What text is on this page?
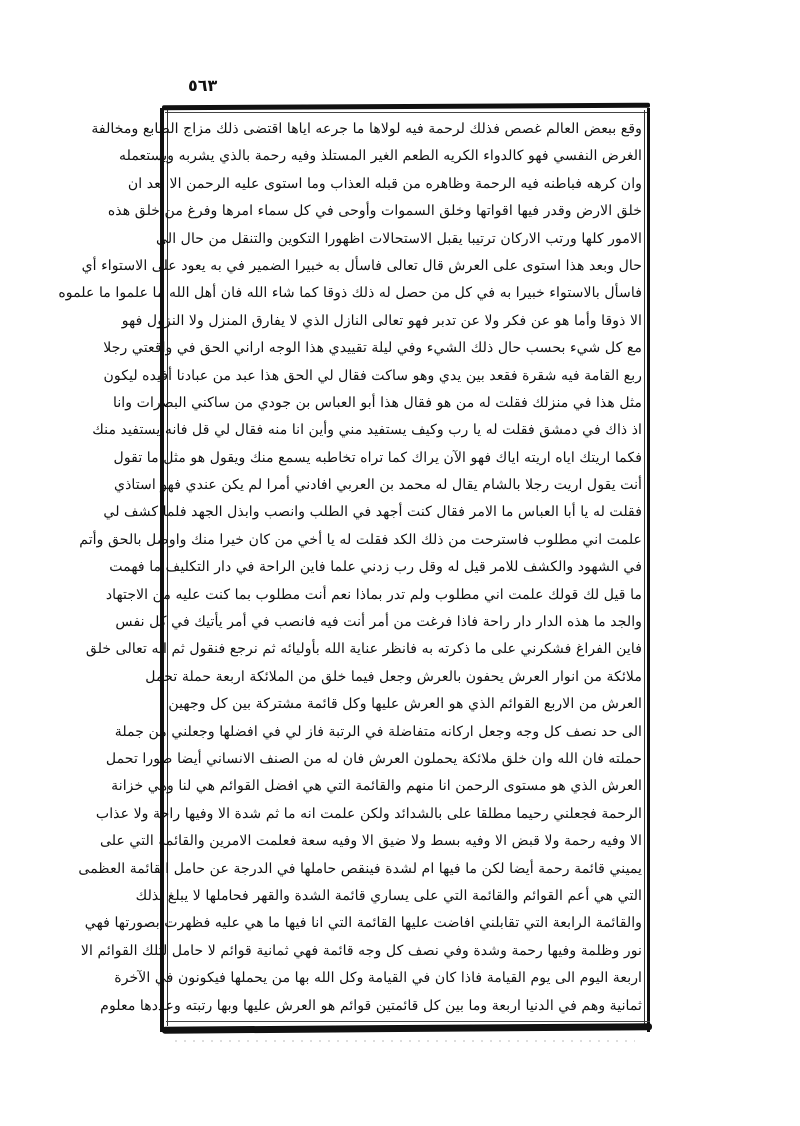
٥٦٣
وقع ببعض العالم غصص فذلك لرحمة فيه لولاها ما جرعه اياها اقتضى ذلك مزاج الطابع ومخالفة
الغرض النفسي فهو كالدواء الكريه الطعم الغير المستلذ وفيه رحمة بالذي يشربه ويستعمله
وان كرهه فباطنه فيه الرحمة وظاهره من قبله العذاب وما استوى عليه الرحمن الا بعد ان
خلق الارض وقدر فيها اقواتها وخلق السموات وأوحى في كل سماء امرها وفرغ من خلق هذه
الامور كلها ورتب الاركان ترتيبا يقبل الاستحالات اظهورا التكوين والتنقل من حال الى
حال وبعد هذا استوى على العرش قال تعالى فاسأل به خبيرا الضمير في به يعود على الاستواء أي
فاسأل بالاستواء خبيرا به في كل من حصل له ذلك ذوقا كما شاء الله فان أهل الله ما علموا ما علموه
الا ذوقا وأما هو عن فكر ولا عن تدبر فهو تعالى النازل الذي لا يفارق المنزل ولا النزول فهو
مع كل شيء بحسب حال ذلك الشيء وفي ليلة تقييدي هذا الوجه اراني الحق في واقعتي رجلا
ربع القامة فيه شقرة فقعد بين يدي وهو ساكت فقال لي الحق هذا عبد من عبادنا أفيده ليكون
مثل هذا في منزلك فقلت له من هو فقال هذا أبو العباس بن جودي من ساكني البصرات وانا
اذ ذاك في دمشق فقلت له يا رب وكيف يستفيد مني وأين انا منه فقال لي قل فانه يستفيد منك
فكما اريتك اياه اريته اياك فهو الآن يراك كما تراه تخاطبه يسمع منك ويقول هو مثل ما تقول
أنت يقول اريت رجلا بالشام يقال له محمد بن العربي افادني أمرا لم يكن عندي فهو استاذي
فقلت له يا أبا العباس ما الامر فقال كنت أجهد في الطلب وانصب وابذل الجهد فلما كشف لي
علمت اني مطلوب فاسترحت من ذلك الكد فقلت له يا أخي من كان خيرا منك واوصل بالحق وأتم
في الشهود والكشف للامر قيل له وقل رب زدني علما فاين الراحة في دار التكليف ما فهمت
ما قيل لك قولك علمت اني مطلوب ولم تدر بماذا نعم أنت مطلوب بما كنت عليه من الاجتهاد
والجد ما هذه الدار دار راحة فاذا فرغت من أمر أنت فيه فانصب في أمر يأتيك في كل نفس
فاين الفراغ فشكرني على ما ذكرته به فانظر عناية الله بأوليائه ثم نرجع فنقول ثم انه تعالى خلق
ملائكة من انوار العرش يحفون بالعرش وجعل فيما خلق من الملائكة اربعة حملة تحمل
العرش من الاربع القوائم الذي هو العرش عليها وكل قائمة مشتركة بين كل وجهين
الى حد نصف كل وجه وجعل اركانه متفاضلة في الرتبة فاز لي في افضلها وجعلني من جملة
حملته فان الله وان خلق ملائكة يحملون العرش فان له من الصنف الانساني أيضا صورا تحمل
العرش الذي هو مستوى الرحمن انا منهم والقائمة التي هي افضل القوائم هي لنا وهي خزانة
الرحمة فجعلني رحيما مطلقا على بالشدائد ولكن علمت انه ما ثم شدة الا وفيها راحة ولا عذاب
الا وفيه رحمة ولا قبض الا وفيه بسط ولا ضيق الا وفيه سعة فعلمت الامرين والقائمة التي على
يميني قائمة رحمة أيضا لكن ما فيها ام لشدة فينقص حاملها في الدرجة عن حامل القائمة العظمى
التي هي أعم القوائم والقائمة التي على يساري قائمة الشدة والقهر فحاملها لا يبلغ بذلك
والقائمة الرابعة التي تقابلني افاضت عليها القائمة التي انا فيها ما هي عليه فظهرت بصورتها فهي
نور وظلمة وفيها رحمة وشدة وفي نصف كل وجه قائمة فهي ثمانية قوائم لا حامل لتلك القوائم الا
اربعة اليوم الى يوم القيامة فاذا كان في القيامة وكل الله بها من يحملها فيكونون في الآخرة
ثمانية وهم في الدنيا اربعة وما بين كل قائمتين قوائم هو العرش عليها وبها رتبته وعددها معلوم
